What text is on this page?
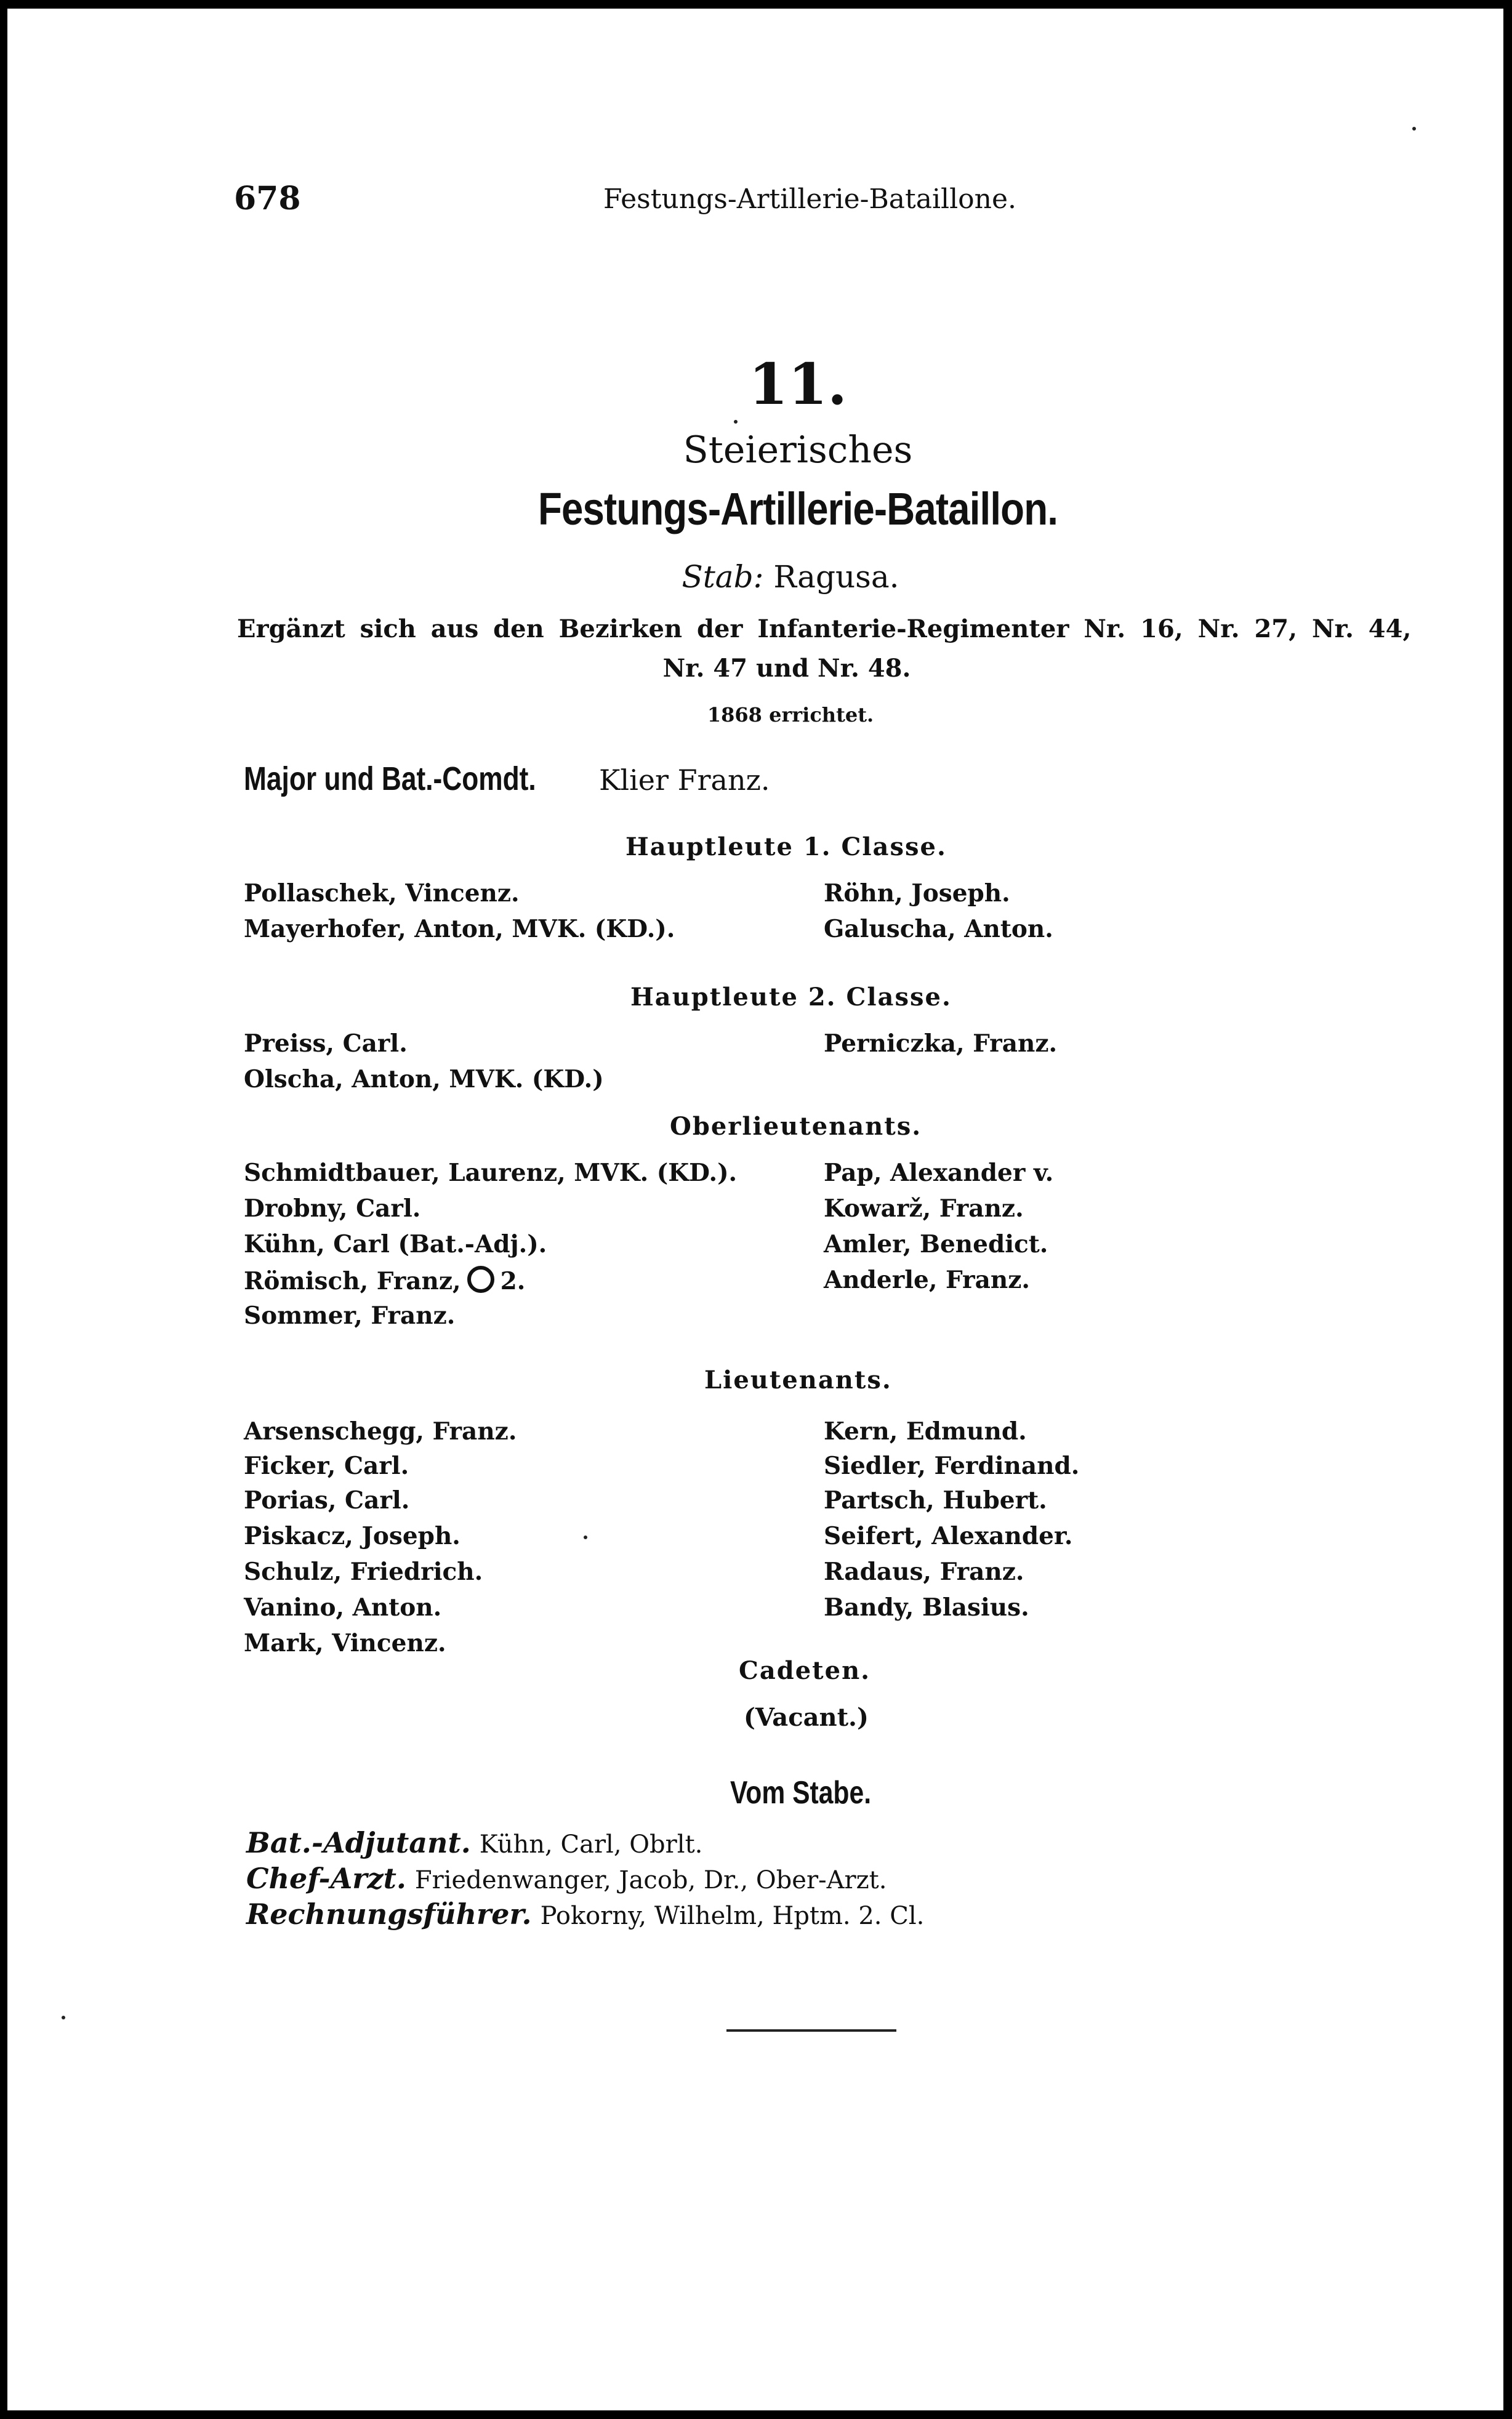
678	Festungs-Artillerie-Bataillone.
11.
Steierisches
Festungs-Artillerie-Bataillon.
Stab: Ragusa.
Ergänzt sich aus den Bezirken der Infanterie-Regimenter Nr. 16, Nr. 27, Nr. 44,
Nr. 47 und Nr. 48.
1868 errichtet.
Major und Bat.-Comdt. Klier Franz.
Hauptleute 1. Classe.
Pollaschek, Vincenz.
Mayerhofer, Anton, MVK. (KD.).
Röhn, Joseph.
Galuscha, Anton.
Hauptleute 2. Classe.
Preiss, Carl.
Olscha, Anton, MVK. (KD.)
Perniczka, Franz.
Oberlieutenants.
Schmidtbauer, Laurenz, MVK. (KD.).
Drobny, Carl.
Kühn, Carl (Bat.-Adj.).
Römisch, Franz, 2.
Sommer, Franz.
Pap, Alexander v.
Kowarž, Franz.
Amler, Benedict.
Anderle, Franz.
Lieutenants.
Arsenschegg, Franz.
Ficker, Carl.
Porias, Carl.
Piskacz, Joseph.
Schulz, Friedrich.
Vanino, Anton.
Mark, Vincenz.
Kern, Edmund.
Siedler, Ferdinand.
Partsch, Hubert.
Seifert, Alexander.
Radaus, Franz.
Bandy, Blasius.
Cadeten.
(Vacant.)
Vom Stabe.
Bat.-Adjutant. Kühn, Carl, Obrlt.
Chef-Arzt. Friedenwanger, Jacob, Dr., Ober-Arzt.
Rechnungsführer. Pokorny, Wilhelm, Hptm. 2. Cl.
